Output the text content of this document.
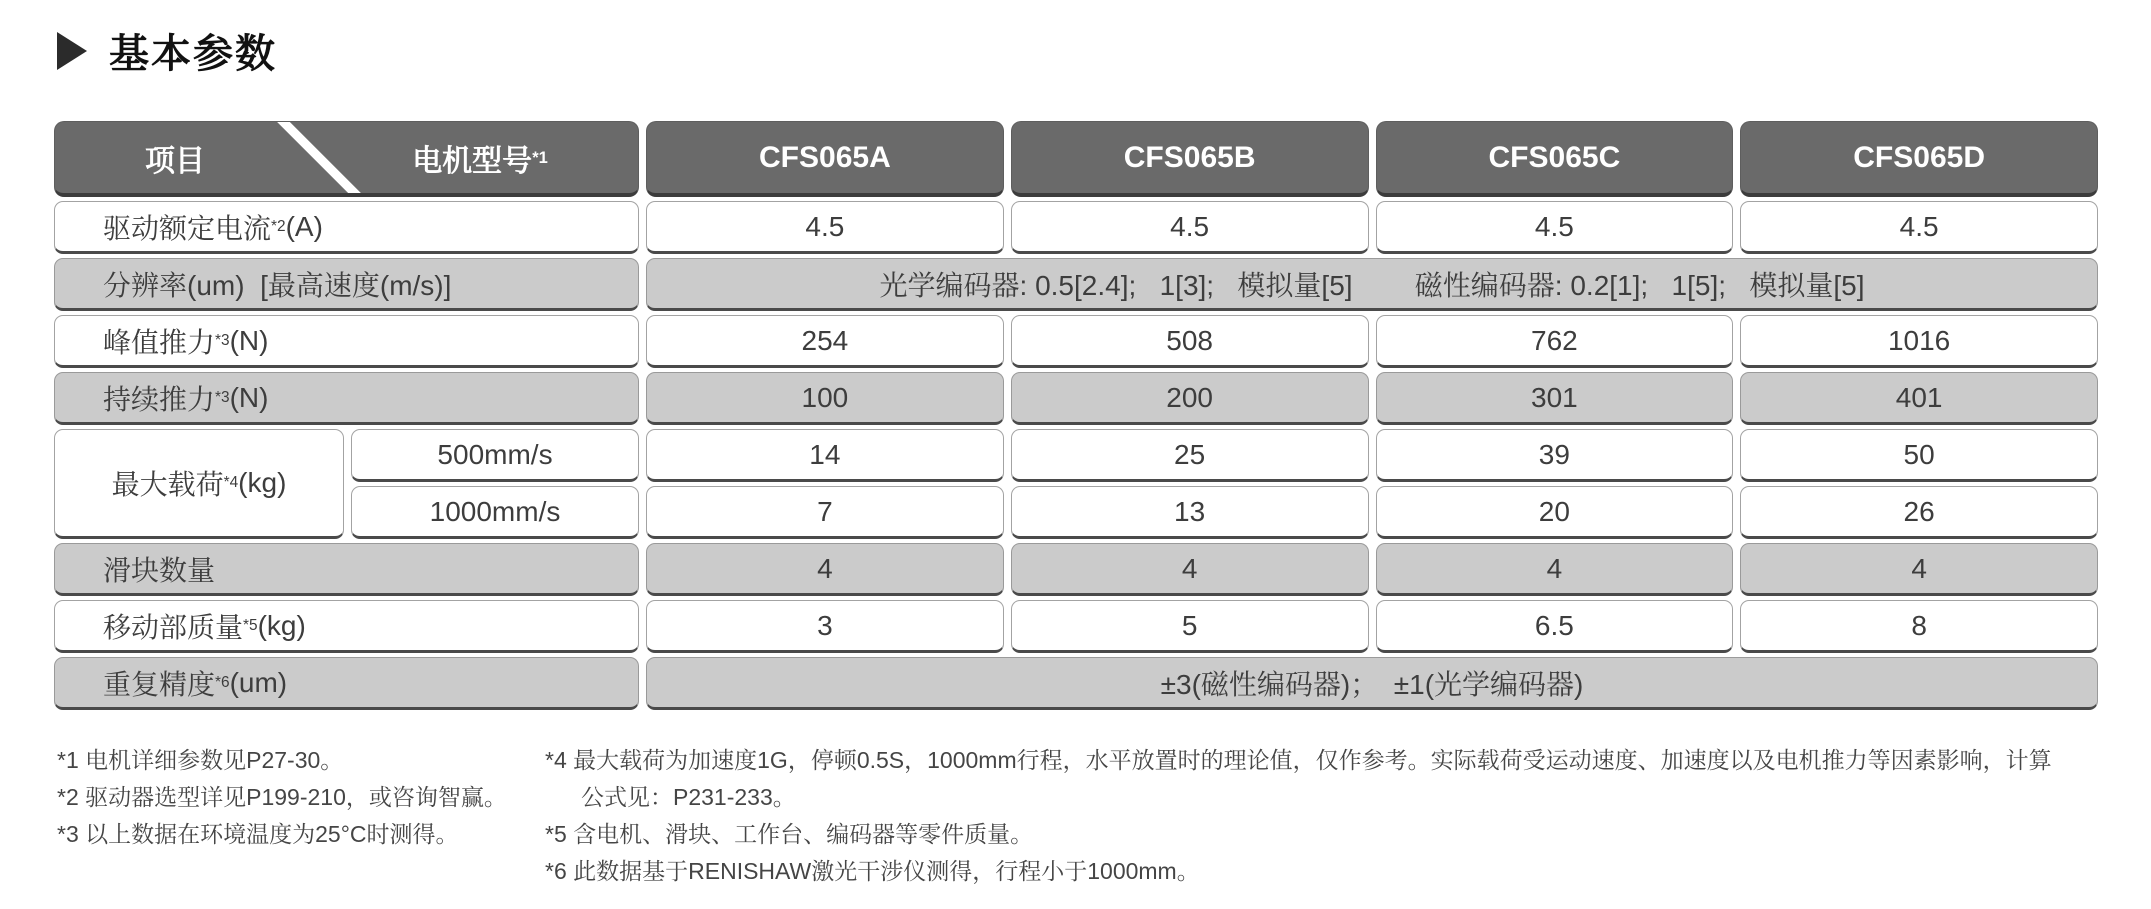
基本参数
项目	电机型号 *1	CFS065A	CFS065B	CFS065C	CFS065D
驱动额定电流 *2 (A)	4.5	4.5	4.5	4.5
分辨率(um)  [最高速度(m/s)]	光学编码器: 0.5[2.4];   1[3];   模拟量[5]        磁性编码器: 0.2[1];   1[5];   模拟量[5]
峰值推力 *3 (N)	254	508	762	1016
持续推力 *3 (N)	100	200	301	401
最大载荷 *4 (kg)
500mm/s	14	25	39	50
1000mm/s	7	13	20	26
滑块数量	4	4	4	4
移动部质量 *5 (kg)	3	5	6.5	8
重复精度 *6 (um)	±3(磁性编码器)；  ±1(光学编码器)
*1 电机详细参数见P27-30。
*2 驱动器选型详见P199-210，或咨询智赢。
*3 以上数据在环境温度为25°C时测得。
*4 最大载荷为加速度1G，停顿0.5S，1000mm行程，水平放置时的理论值，仅作参考。实际载荷受运动速度、加速度以及电机推力等因素影响，计算
公式见：P231-233。
*5 含电机、滑块、工作台、编码器等零件质量。
*6 此数据基于RENISHAW激光干涉仪测得，行程小于1000mm。
